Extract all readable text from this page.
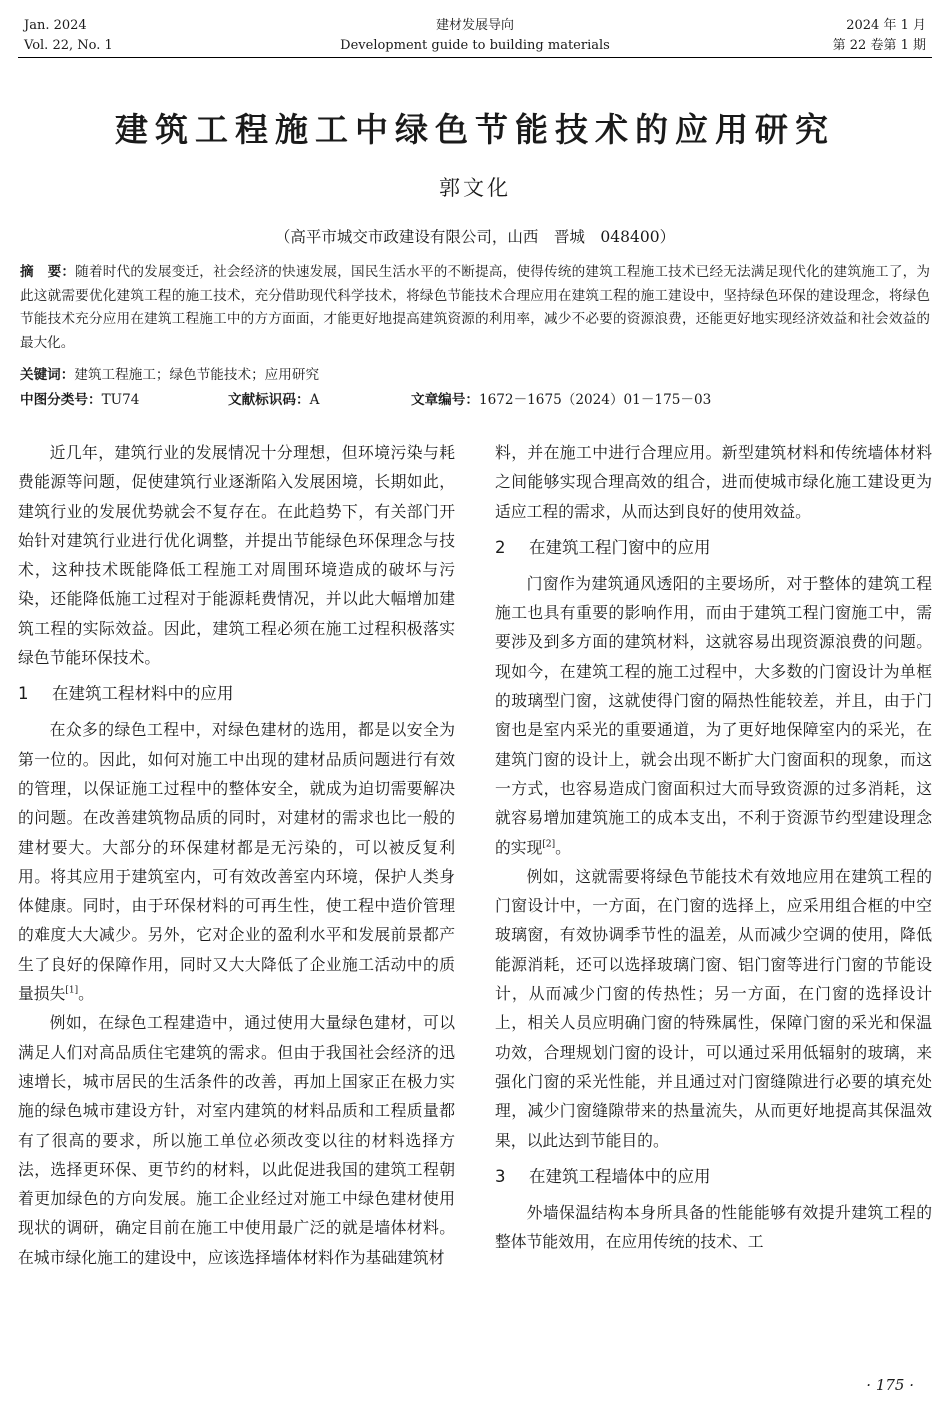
Jan. 2024
Vol. 22, No. 1
建材发展导向
Development guide to building materials
2024 年 1 月
第 22 卷第 1 期
建筑工程施工中绿色节能技术的应用研究
郭文化
（高平市城交市政建设有限公司，山西　晋城　048400）
摘　要：随着时代的发展变迁，社会经济的快速发展，国民生活水平的不断提高，使得传统的建筑工程施工技术已经无法满足现代化的建筑施工了，为此这就需要优化建筑工程的施工技术，充分借助现代科学技术，将绿色节能技术合理应用在建筑工程的施工建设中，坚持绿色环保的建设理念，将绿色节能技术充分应用在建筑工程施工中的方方面面，才能更好地提高建筑资源的利用率，减少不必要的资源浪费，还能更好地实现经济效益和社会效益的最大化。
关键词：建筑工程施工；绿色节能技术；应用研究
中图分类号：TU74	文献标识码：A	文章编号：1672－1675（2024）01－175－03

近几年，建筑行业的发展情况十分理想，但环境污染与耗费能源等问题，促使建筑行业逐渐陷入发展困境，长期如此，建筑行业的发展优势就会不复存在。在此趋势下，有关部门开始针对建筑行业进行优化调整，并提出节能绿色环保理念与技术，这种技术既能降低工程施工对周围环境造成的破坏与污染，还能降低施工过程对于能源耗费情况，并以此大幅增加建筑工程的实际效益。因此，建筑工程必须在施工过程积极落实绿色节能环保技术。

1 在建筑工程材料中的应用

在众多的绿色工程中，对绿色建材的选用，都是以安全为第一位的。因此，如何对施工中出现的建材品质问题进行有效的管理，以保证施工过程中的整体安全，就成为迫切需要解决的问题。在改善建筑物品质的同时，对建材的需求也比一般的建材要大。大部分的环保建材都是无污染的，可以被反复利用。将其应用于建筑室内，可有效改善室内环境，保护人类身体健康。同时，由于环保材料的可再生性，使工程中造价管理的难度大大减少。另外，它对企业的盈利水平和发展前景都产生了良好的保障作用，同时又大大降低了企业施工活动中的质量损失[1]。

例如，在绿色工程建造中，通过使用大量绿色建材，可以满足人们对高品质住宅建筑的需求。但由于我国社会经济的迅速增长，城市居民的生活条件的改善，再加上国家正在极力实施的绿色城市建设方针，对室内建筑的材料品质和工程质量都有了很高的要求，所以施工单位必须改变以往的材料选择方法，选择更环保、更节约的材料，以此促进我国的建筑工程朝着更加绿色的方向发展。施工企业经过对施工中绿色建材使用现状的调研，确定目前在施工中使用最广泛的就是墙体材料。在城市绿化施工的建设中，应该选择墙体材料作为基础建筑材

料，并在施工中进行合理应用。新型建筑材料和传统墙体材料之间能够实现合理高效的组合，进而使城市绿化施工建设更为适应工程的需求，从而达到良好的使用效益。

2 在建筑工程门窗中的应用

门窗作为建筑通风透阳的主要场所，对于整体的建筑工程施工也具有重要的影响作用，而由于建筑工程门窗施工中，需要涉及到多方面的建筑材料，这就容易出现资源浪费的问题。现如今，在建筑工程的施工过程中，大多数的门窗设计为单框的玻璃型门窗，这就使得门窗的隔热性能较差，并且，由于门窗也是室内采光的重要通道，为了更好地保障室内的采光，在建筑门窗的设计上，就会出现不断扩大门窗面积的现象，而这一方式，也容易造成门窗面积过大而导致资源的过多消耗，这就容易增加建筑施工的成本支出，不利于资源节约型建设理念的实现[2]。

例如，这就需要将绿色节能技术有效地应用在建筑工程的门窗设计中，一方面，在门窗的选择上，应采用组合框的中空玻璃窗，有效协调季节性的温差，从而减少空调的使用，降低能源消耗，还可以选择玻璃门窗、铝门窗等进行门窗的节能设计，从而减少门窗的传热性；另一方面，在门窗的选择设计上，相关人员应明确门窗的特殊属性，保障门窗的采光和保温功效，合理规划门窗的设计，可以通过采用低辐射的玻璃，来强化门窗的采光性能，并且通过对门窗缝隙进行必要的填充处理，减少门窗缝隙带来的热量流失，从而更好地提高其保温效果，以此达到节能目的。

3 在建筑工程墙体中的应用

外墙保温结构本身所具备的性能能够有效提升建筑工程的整体节能效用，在应用传统的技术、工

· 175 ·
